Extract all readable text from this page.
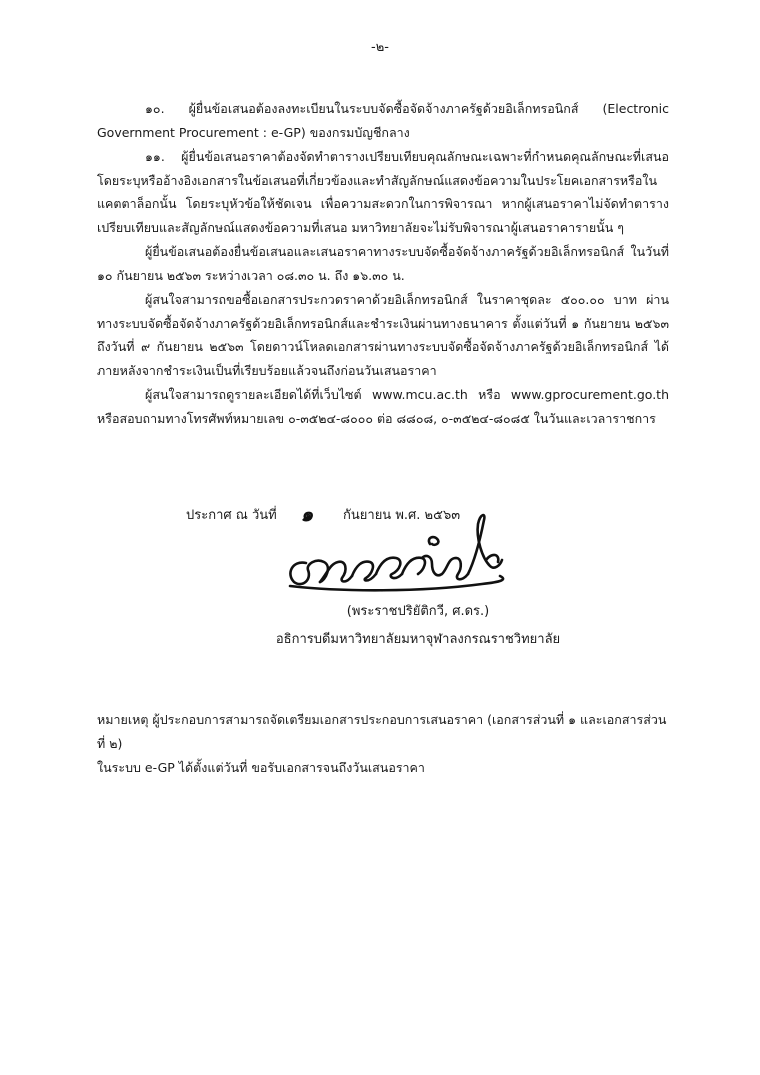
-๒-

๑๐. ผู้ยื่นข้อเสนอต้องลงทะเบียนในระบบจัดซื้อจัดจ้างภาครัฐด้วยอิเล็กทรอนิกส์ (Electronic Government Procurement : e-GP) ของกรมบัญชีกลาง

๑๑. ผู้ยื่นข้อเสนอราคาต้องจัดทำตารางเปรียบเทียบคุณลักษณะเฉพาะที่กำหนดคุณลักษณะที่เสนอ โดยระบุหรืออ้างอิงเอกสารในข้อเสนอที่เกี่ยวข้องและทำสัญลักษณ์แสดงข้อความในประโยคเอกสารหรือในแคตตาล็อกนั้น โดยระบุหัวข้อให้ชัดเจน เพื่อความสะดวกในการพิจารณา หากผู้เสนอราคาไม่จัดทำตารางเปรียบเทียบและสัญลักษณ์แสดงข้อความที่เสนอ มหาวิทยาลัยจะไม่รับพิจารณาผู้เสนอราคารายนั้น ๆ

ผู้ยื่นข้อเสนอต้องยื่นข้อเสนอและเสนอราคาทางระบบจัดซื้อจัดจ้างภาครัฐด้วยอิเล็กทรอนิกส์ ในวันที่ ๑๐ กันยายน ๒๕๖๓ ระหว่างเวลา ๐๘.๓๐ น. ถึง ๑๖.๓๐ น.

ผู้สนใจสามารถขอซื้อเอกสารประกวดราคาด้วยอิเล็กทรอนิกส์ ในราคาชุดละ ๕๐๐.๐๐ บาท ผ่านทางระบบจัดซื้อจัดจ้างภาครัฐด้วยอิเล็กทรอนิกส์และชำระเงินผ่านทางธนาคาร ตั้งแต่วันที่ ๑ กันยายน ๒๕๖๓ ถึงวันที่ ๙ กันยายน ๒๕๖๓ โดยดาวน์โหลดเอกสารผ่านทางระบบจัดซื้อจัดจ้างภาครัฐด้วยอิเล็กทรอนิกส์ ได้ภายหลังจากชำระเงินเป็นที่เรียบร้อยแล้วจนถึงก่อนวันเสนอราคา

ผู้สนใจสามารถดูรายละเอียดได้ที่เว็บไซต์ www.mcu.ac.th หรือ www.gprocurement.go.th หรือสอบถามทางโทรศัพท์หมายเลข ๐-๓๕๒๔-๘๐๐๐ ต่อ ๘๘๐๘, ๐-๓๕๒๔-๘๐๘๕ ในวันและเวลาราชการ

ประกาศ ณ วันที่ ๑ กันยายน พ.ศ. ๒๕๖๓
(พระราชปริยัติกวี, ศ.ดร.)
อธิการบดีมหาวิทยาลัยมหาจุฬาลงกรณราชวิทยาลัย

หมายเหตุ ผู้ประกอบการสามารถจัดเตรียมเอกสารประกอบการเสนอราคา (เอกสารส่วนที่ ๑ และเอกสารส่วนที่ ๒)

ในระบบ e-GP ได้ตั้งแต่วันที่ ขอรับเอกสารจนถึงวันเสนอราคา
